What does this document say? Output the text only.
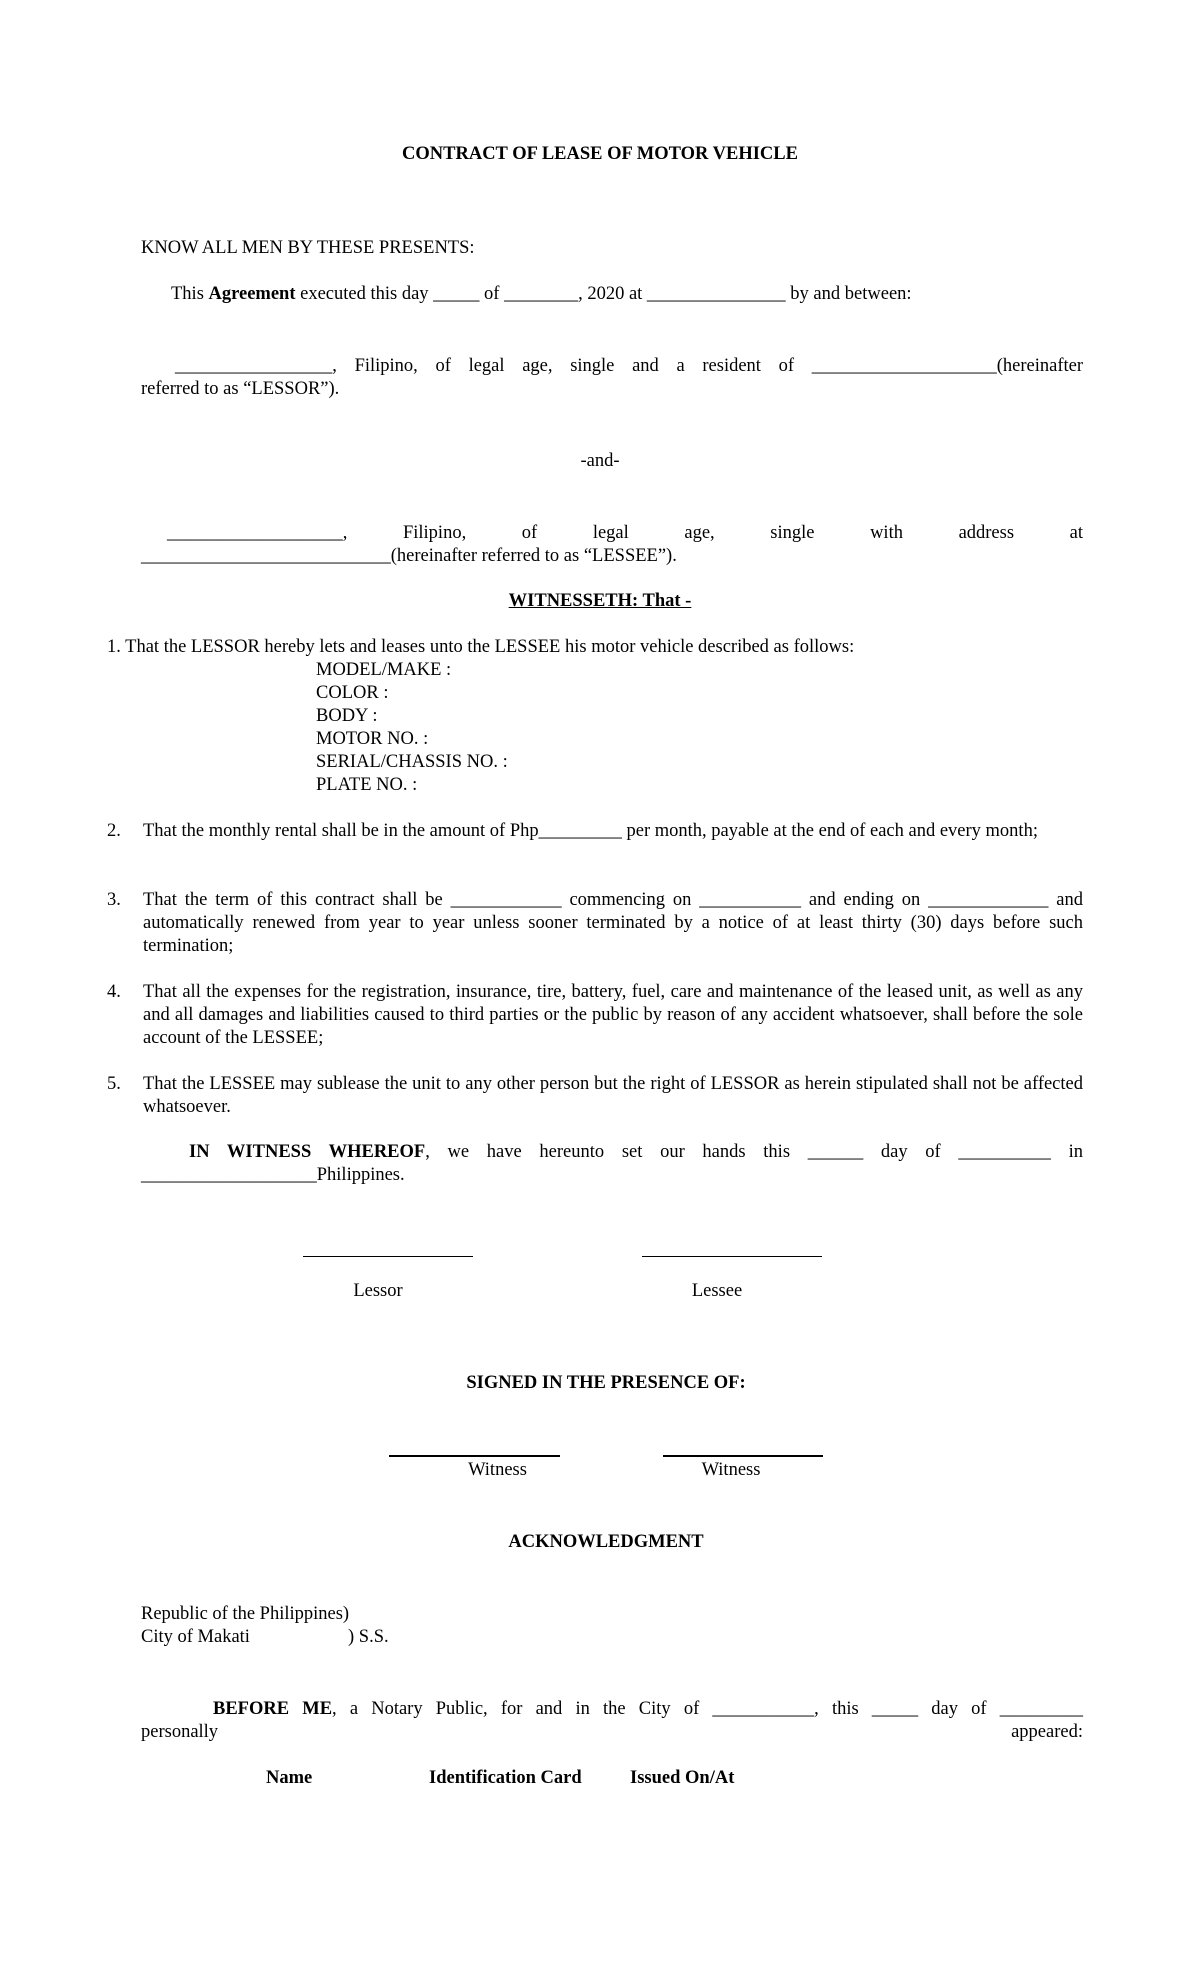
CONTRACT OF LEASE OF MOTOR VEHICLE
KNOW ALL MEN BY THESE PRESENTS:
This Agreement executed this day _____ of ________, 2020 at _______________ by and between:
_________________, Filipino, of legal age, single and a resident of ____________________(hereinafter
referred to as “LESSOR”).
-and-
___________________, Filipino, of legal age, single with address at
___________________________(hereinafter referred to as “LESSEE”).
WITNESSETH: That -
1. That the LESSOR hereby lets and leases unto the LESSEE his motor vehicle described as follows:
MODEL/MAKE :
COLOR :
BODY :
MOTOR NO. :
SERIAL/CHASSIS NO. :
PLATE NO. :
2. That the monthly rental shall be in the amount of Php_________ per month, payable at the end of each and every month;
3. That the term of this contract shall be ____________ commencing on ___________ and ending on _____________ and automatically renewed from year to year unless sooner terminated by a notice of at least thirty (30) days before such termination;
4. That all the expenses for the registration, insurance, tire, battery, fuel, care and maintenance of the leased unit, as well as any and all damages and liabilities caused to third parties or the public by reason of any accident whatsoever, shall before the sole account of the LESSEE;
5. That the LESSEE may sublease the unit to any other person but the right of LESSOR as herein stipulated shall not be affected whatsoever.
IN WITNESS WHEREOF, we have hereunto set our hands this ______ day of __________ in
___________________Philippines.
Lessor	Lessee
SIGNED IN THE PRESENCE OF:
Witness	Witness
ACKNOWLEDGMENT
Republic of the Philippines)
City of Makati	) S.S.
BEFORE ME, a Notary Public, for and in the City of ___________, this _____ day of _________
personally	appeared:
Name	Identification Card	Issued On/At
